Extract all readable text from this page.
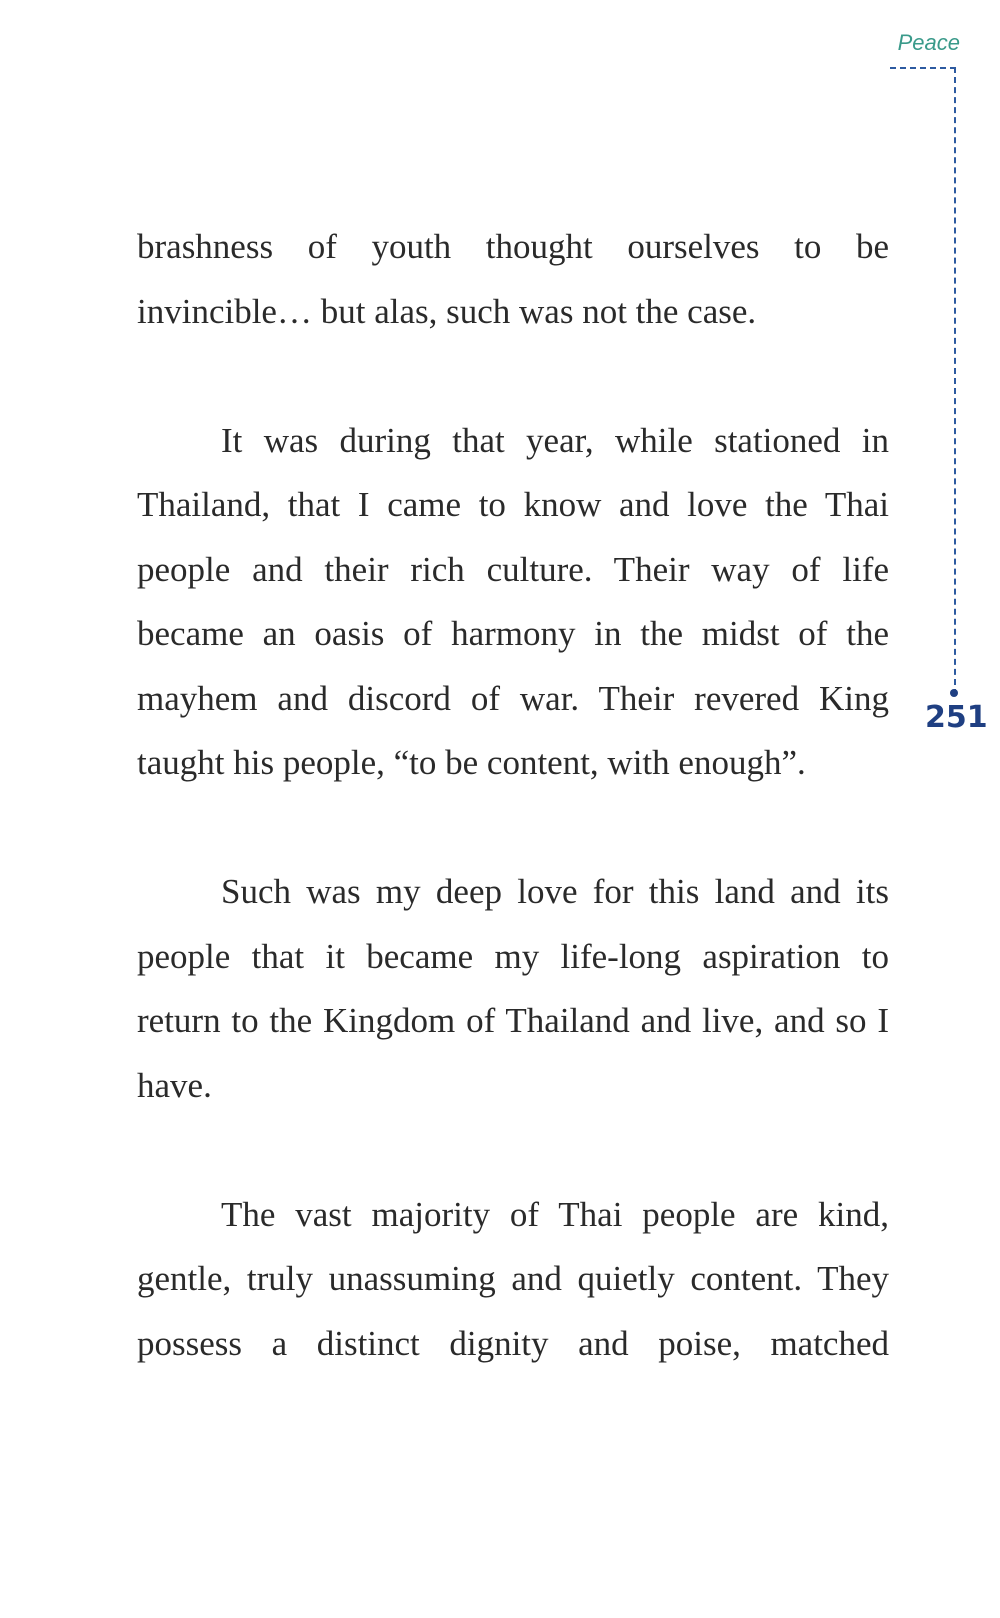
Peace

251

brashness of youth thought ourselves to be invincible… but alas, such was not the case.

It was during that year, while stationed in Thailand, that I came to know and love the Thai people and their rich culture. Their way of life became an oasis of harmony in the midst of the mayhem and discord of war. Their revered King taught his people, “to be content, with enough”.

Such was my deep love for this land and its people that it became my life-long aspiration to return to the Kingdom of Thailand and live, and so I have.

The vast majority of Thai people are kind, gentle, truly unassuming and quietly content. They possess a distinct dignity and poise, matched
